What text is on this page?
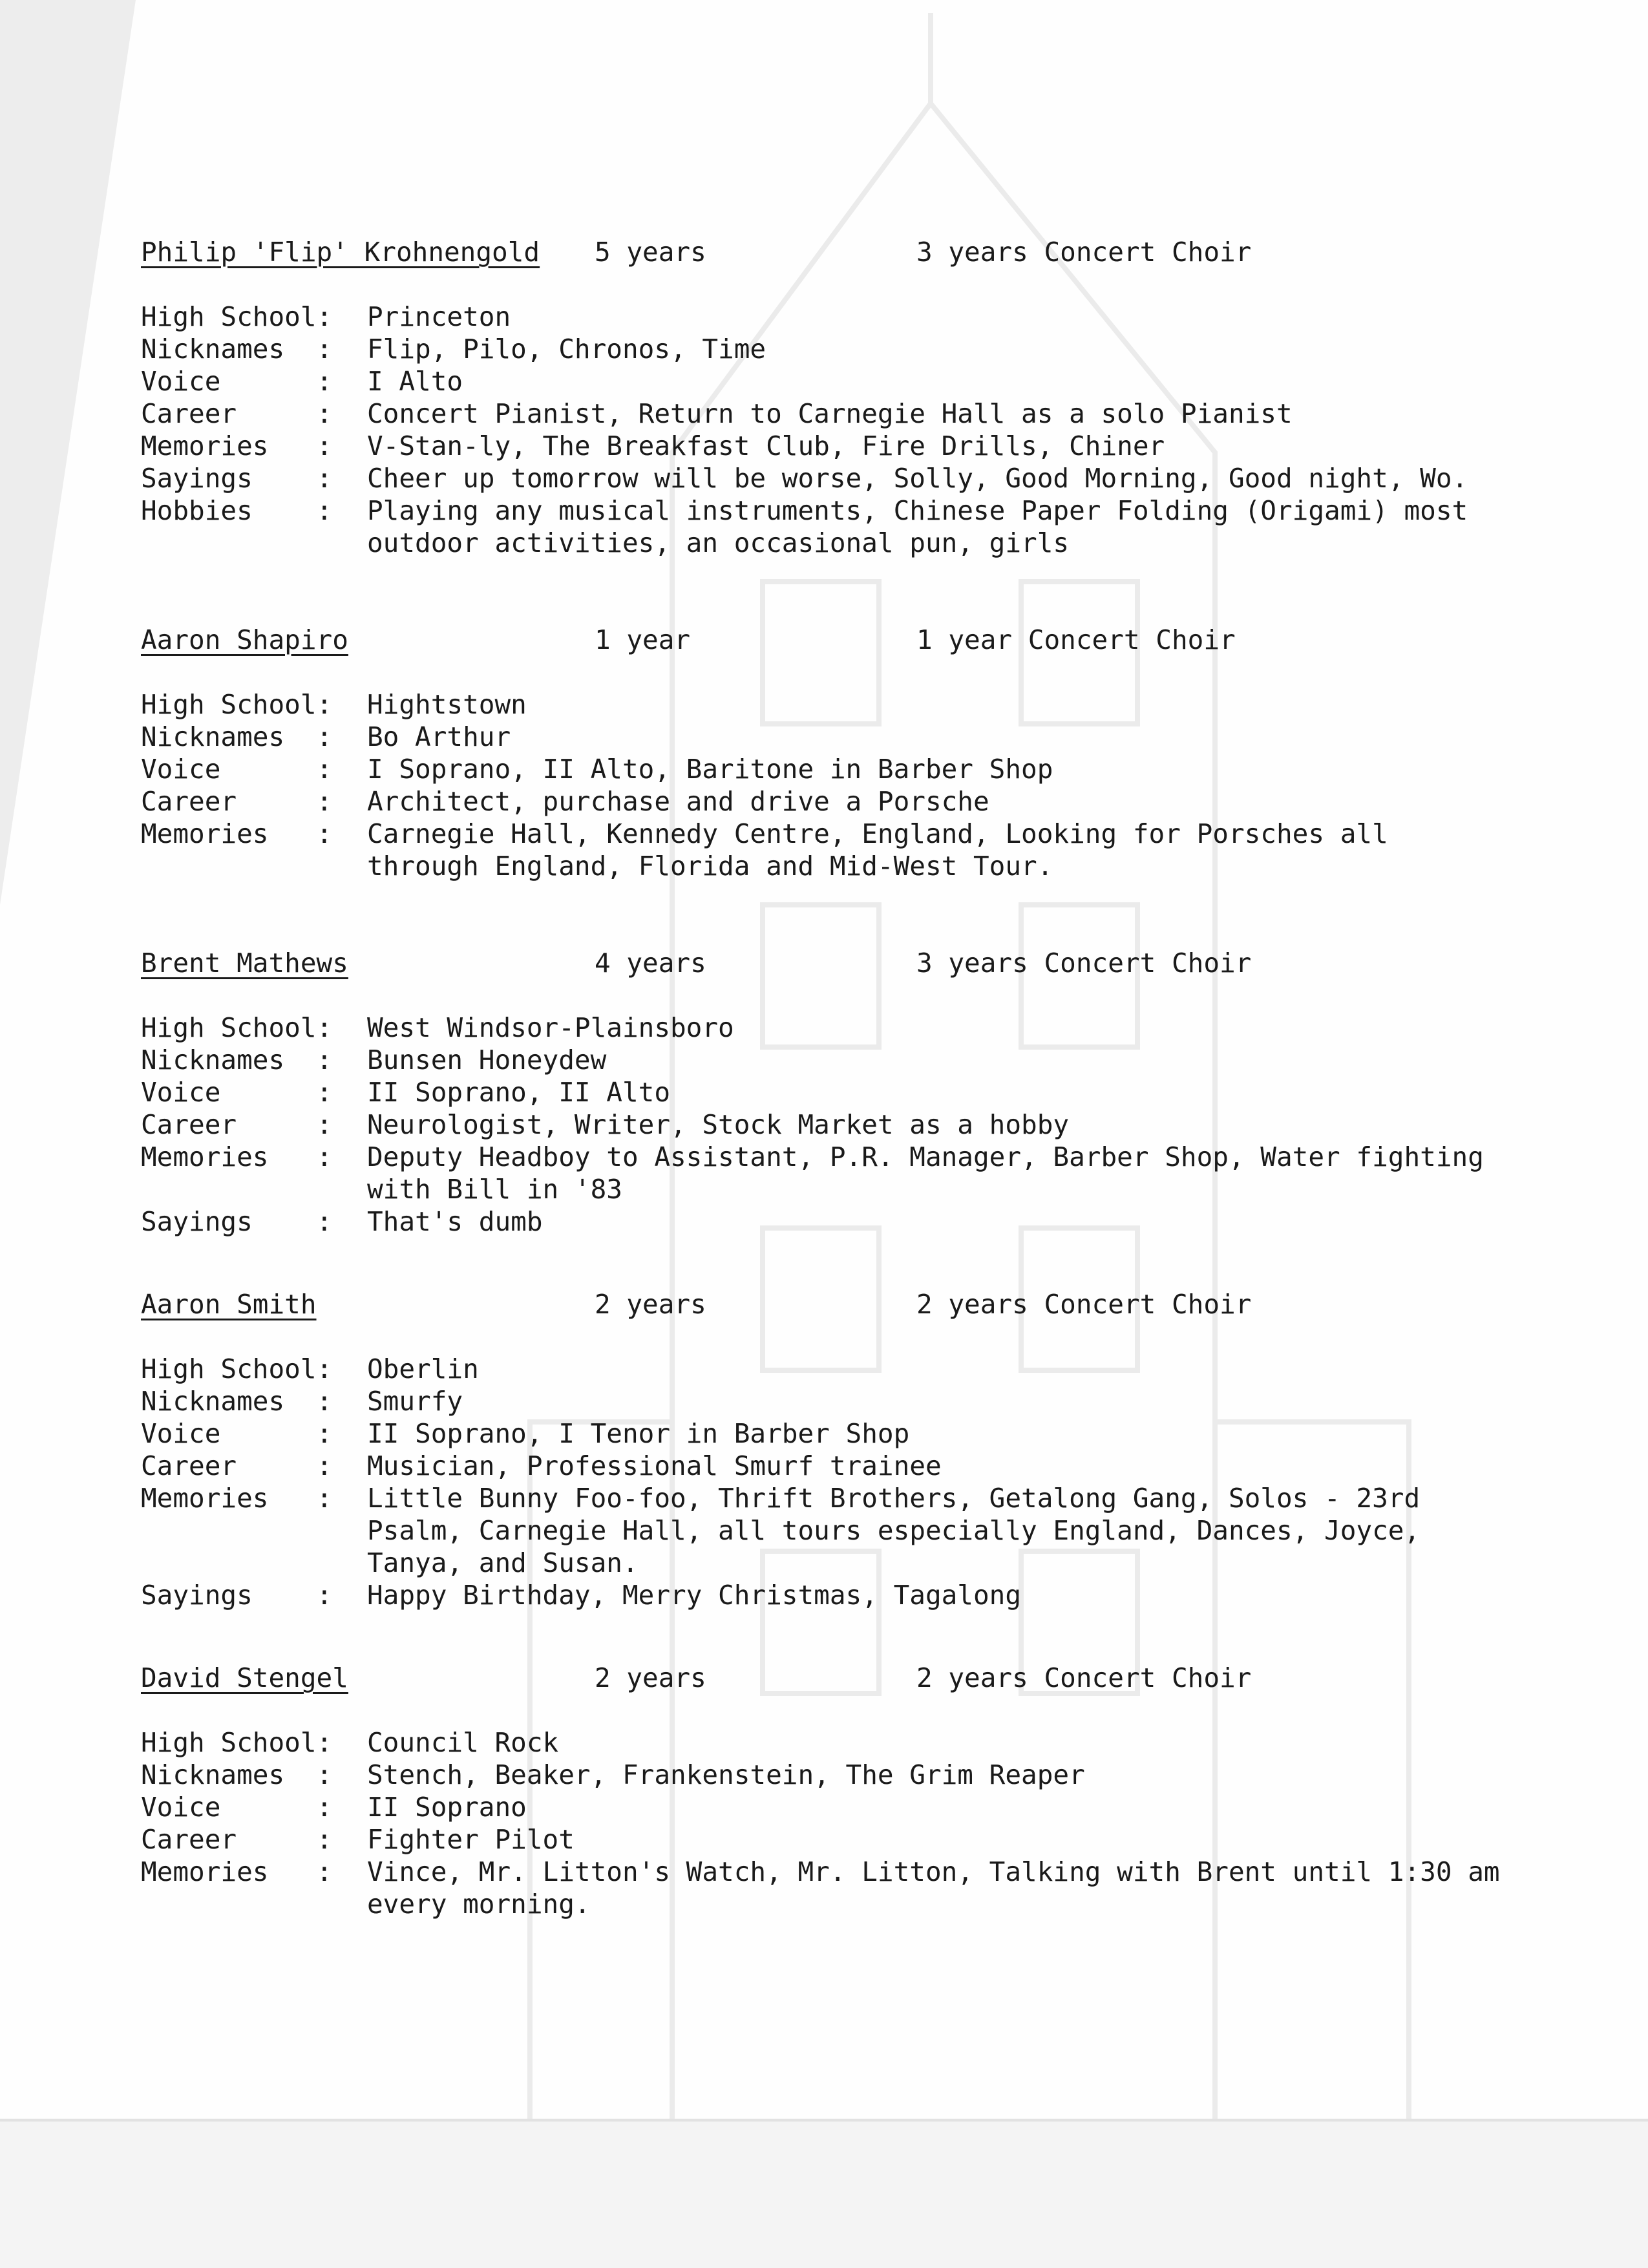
Philip 'Flip' Krohnengold 5 years	3 years Concert Choir
High School:	Princeton
Nicknames  :	Flip, Pilo, Chronos, Time
Voice      :	I Alto
Career     :	Concert Pianist, Return to Carnegie Hall as a solo Pianist
Memories   :	V-Stan-ly, The Breakfast Club, Fire Drills, Chiner
Sayings    :	Cheer up tomorrow will be worse, Solly, Good Morning, Good night, Wo.
Hobbies    :	Playing any musical instruments, Chinese Paper Folding (Origami) most outdoor activities, an occasional pun, girls
Aaron Shapiro	1 year	1 year Concert Choir
High School:	Hightstown
Nicknames  :	Bo Arthur
Voice      :	I Soprano, II Alto, Baritone in Barber Shop
Career     :	Architect, purchase and drive a Porsche
Memories   :	Carnegie Hall, Kennedy Centre, England, Looking for Porsches all through England, Florida and Mid-West Tour.
Brent Mathews	4 years	3 years Concert Choir
High School:	West Windsor-Plainsboro
Nicknames  :	Bunsen Honeydew
Voice      :	II Soprano, II Alto
Career     :	Neurologist, Writer, Stock Market as a hobby
Memories   :	Deputy Headboy to Assistant, P.R. Manager, Barber Shop, Water fighting with Bill in '83
Sayings    :	That's dumb
Aaron Smith	2 years	2 years Concert Choir
High School:	Oberlin
Nicknames  :	Smurfy
Voice      :	II Soprano, I Tenor in Barber Shop
Career     :	Musician, Professional Smurf trainee
Memories   :	Little Bunny Foo-foo, Thrift Brothers, Getalong Gang, Solos - 23rd Psalm, Carnegie Hall, all tours especially England, Dances, Joyce, Tanya, and Susan.
Sayings    :	Happy Birthday, Merry Christmas, Tagalong
David Stengel	2 years	2 years Concert Choir
High School:	Council Rock
Nicknames  :	Stench, Beaker, Frankenstein, The Grim Reaper
Voice      :	II Soprano
Career     :	Fighter Pilot
Memories   :	Vince, Mr. Litton's Watch, Mr. Litton, Talking with Brent until 1:30 am every morning.
